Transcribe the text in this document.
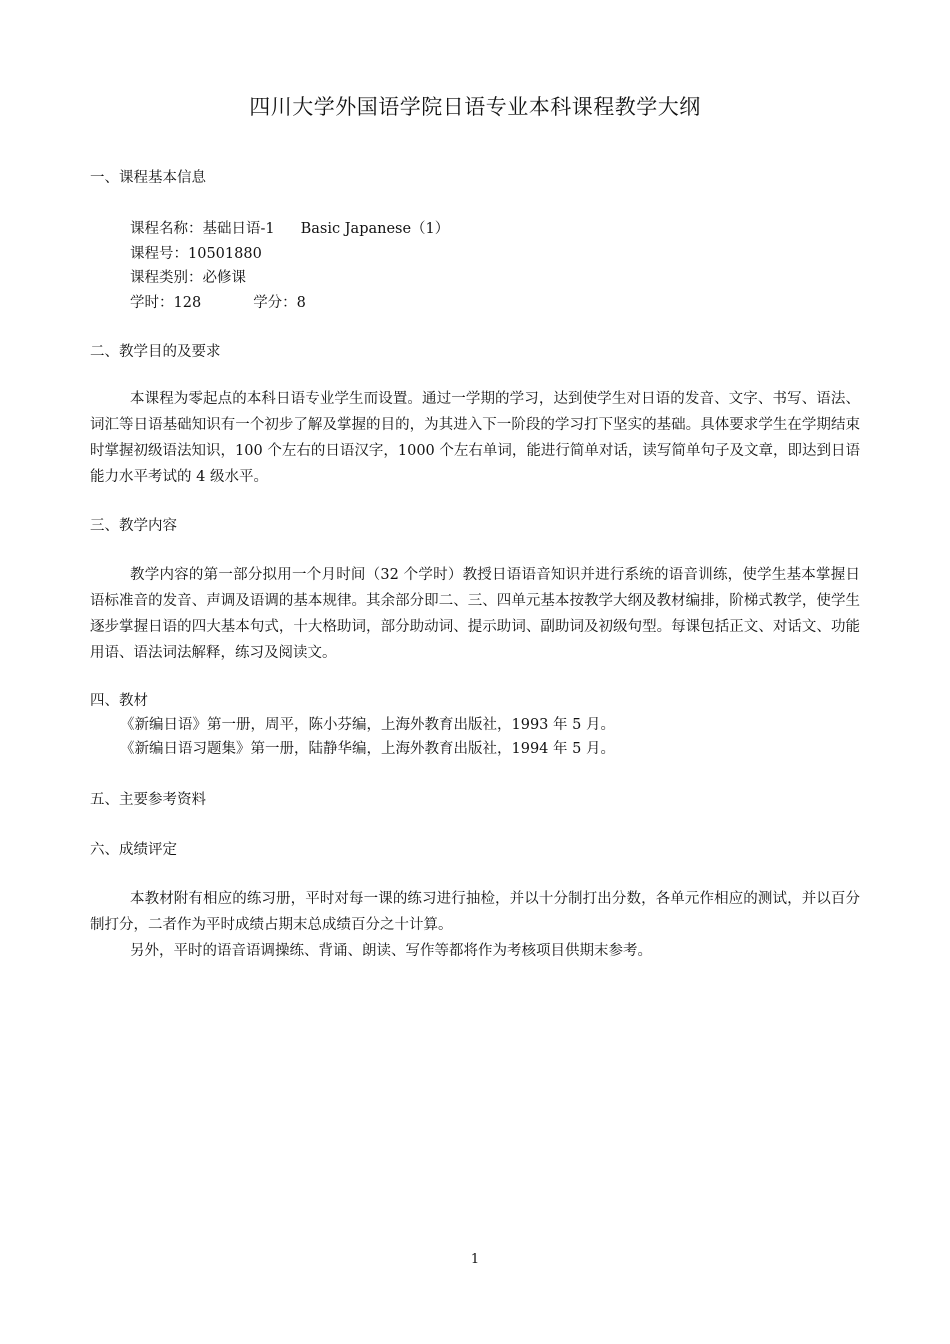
四川大学外国语学院日语专业本科课程教学大纲
一、课程基本信息
课程名称：基础日语-1 Basic Japanese（1）
课程号：10501880
课程类别：必修课
学时：128	学分：8
二、教学目的及要求
本课程为零起点的本科日语专业学生而设置。通过一学期的学习，达到使学生对日语的发音、文字、书写、语法、词汇等日语基础知识有一个初步了解及掌握的目的，为其进入下一阶段的学习打下坚实的基础。具体要求学生在学期结束时掌握初级语法知识，100 个左右的日语汉字，1000 个左右单词，能进行简单对话，读写简单句子及文章，即达到日语能力水平考试的 4 级水平。
三、教学内容
教学内容的第一部分拟用一个月时间（32 个学时）教授日语语音知识并进行系统的语音训练，使学生基本掌握日语标准音的发音、声调及语调的基本规律。其余部分即二、三、四单元基本按教学大纲及教材编排，阶梯式教学，使学生逐步掌握日语的四大基本句式，十大格助词，部分助动词、提示助词、副助词及初级句型。每课包括正文、对话文、功能用语、语法词法解释，练习及阅读文。
四、教材
《新编日语》第一册，周平，陈小芬编，上海外教育出版社，1993 年 5 月。
《新编日语习题集》第一册，陆静华编，上海外教育出版社，1994 年 5 月。
五、主要参考资料
六、成绩评定
本教材附有相应的练习册，平时对每一课的练习进行抽检，并以十分制打出分数，各单元作相应的测试，并以百分制打分，二者作为平时成绩占期末总成绩百分之十计算。
另外，平时的语音语调操练、背诵、朗读、写作等都将作为考核项目供期末参考。
1
